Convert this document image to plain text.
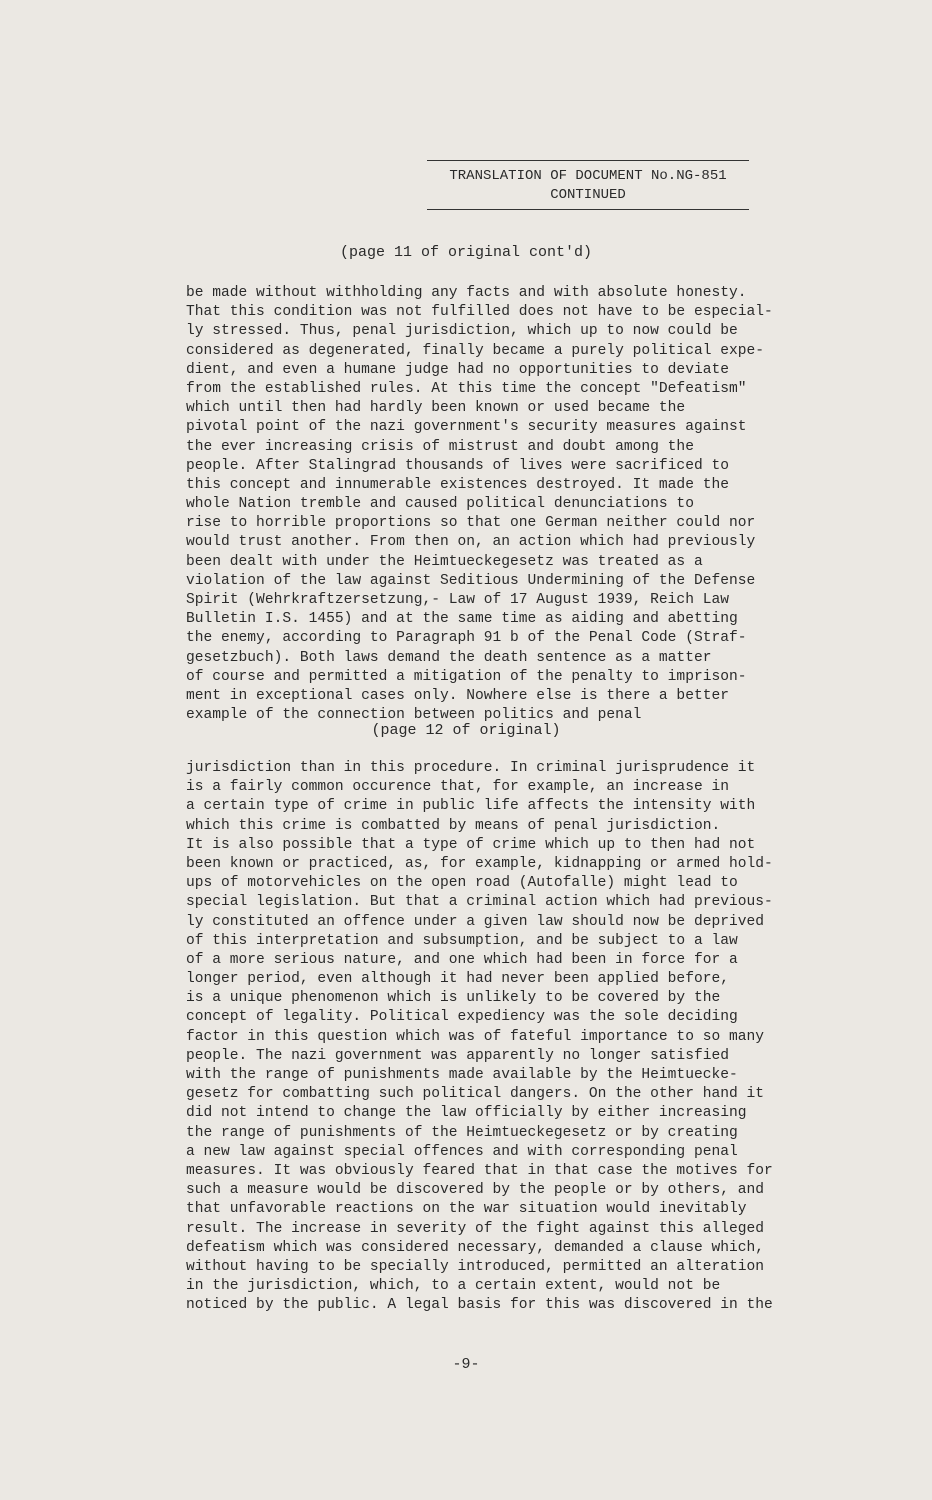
TRANSLATION OF DOCUMENT No.NG-851
CONTINUED
(page 11 of original cont'd)
be made without withholding any facts and with absolute honesty.
That this condition was not fulfilled does not have to be especial-
ly stressed. Thus, penal jurisdiction, which up to now could be
considered as degenerated, finally became a purely political expe-
dient, and even a humane judge had no opportunities to deviate
from the established rules. At this time the concept "Defeatism"
which until then had hardly been known or used became the
pivotal point of the nazi government's security measures against
the ever increasing crisis of mistrust and doubt among the
people. After Stalingrad thousands of lives were sacrificed to
this concept and innumerable existences destroyed. It made the
whole Nation tremble and caused political denunciations to
rise to horrible proportions so that one German neither could nor
would trust another. From then on, an action which had previously
been dealt with under the Heimtueckegesetz was treated as a
violation of the law against Seditious Undermining of the Defense
Spirit (Wehrkraftzersetzung,- Law of 17 August 1939, Reich Law
Bulletin I.S. 1455) and at the same time as aiding and abetting
the enemy, according to Paragraph 91 b of the Penal Code (Straf-
gesetzbuch). Both laws demand the death sentence as a matter
of course and permitted a mitigation of the penalty to imprison-
ment in exceptional cases only. Nowhere else is there a better
example of the connection between politics and penal
(page 12 of original)
jurisdiction than in this procedure. In criminal jurisprudence it
is a fairly common occurence that, for example, an increase in
a certain type of crime in public life affects the intensity with
which this crime is combatted by means of penal jurisdiction.
It is also possible that a type of crime which up to then had not
been known or practiced, as, for example, kidnapping or armed hold-
ups of motorvehicles on the open road (Autofalle) might lead to
special legislation. But that a criminal action which had previous-
ly constituted an offence under a given law should now be deprived
of this interpretation and subsumption, and be subject to a law
of a more serious nature, and one which had been in force for a
longer period, even although it had never been applied before,
is a unique phenomenon which is unlikely to be covered by the
concept of legality. Political expediency was the sole deciding
factor in this question which was of fateful importance to so many
people. The nazi government was apparently no longer satisfied
with the range of punishments made available by the Heimtuecke-
gesetz for combatting such political dangers. On the other hand it
did not intend to change the law officially by either increasing
the range of punishments of the Heimtueckegesetz or by creating
a new law against special offences and with corresponding penal
measures. It was obviously feared that in that case the motives for
such a measure would be discovered by the people or by others, and
that unfavorable reactions on the war situation would inevitably
result. The increase in severity of the fight against this alleged
defeatism which was considered necessary, demanded a clause which,
without having to be specially introduced, permitted an alteration
in the jurisdiction, which, to a certain extent, would not be
noticed by the public. A legal basis for this was discovered in the
-9-
